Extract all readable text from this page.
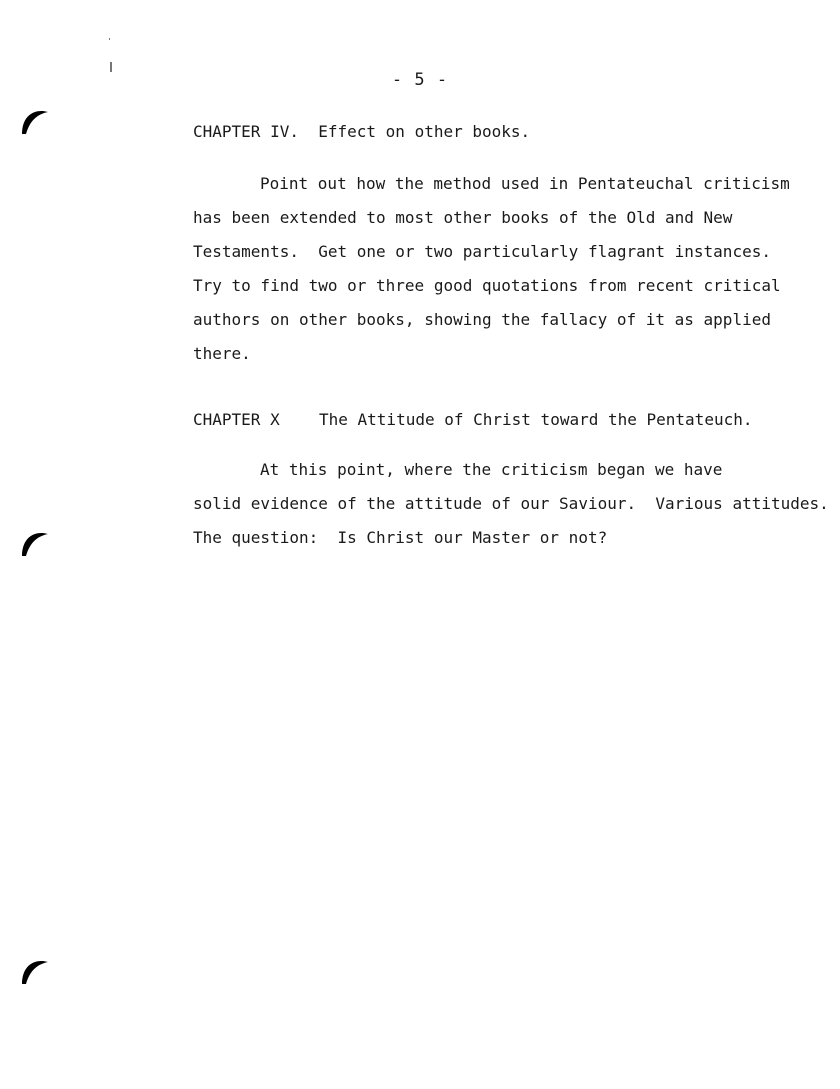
- 5 -
CHAPTER IV. Effect on other books.
Point out how the method used in Pentateuchal criticism
has been extended to most other books of the Old and New
Testaments.  Get one or two particularly flagrant instances.
Try to find two or three good quotations from recent critical
authors on other books, showing the fallacy of it as applied
there.
CHAPTER X The Attitude of Christ toward the Pentateuch.
At this point, where the criticism began we have
solid evidence of the attitude of our Saviour.  Various attitudes.
The question:  Is Christ our Master or not?
